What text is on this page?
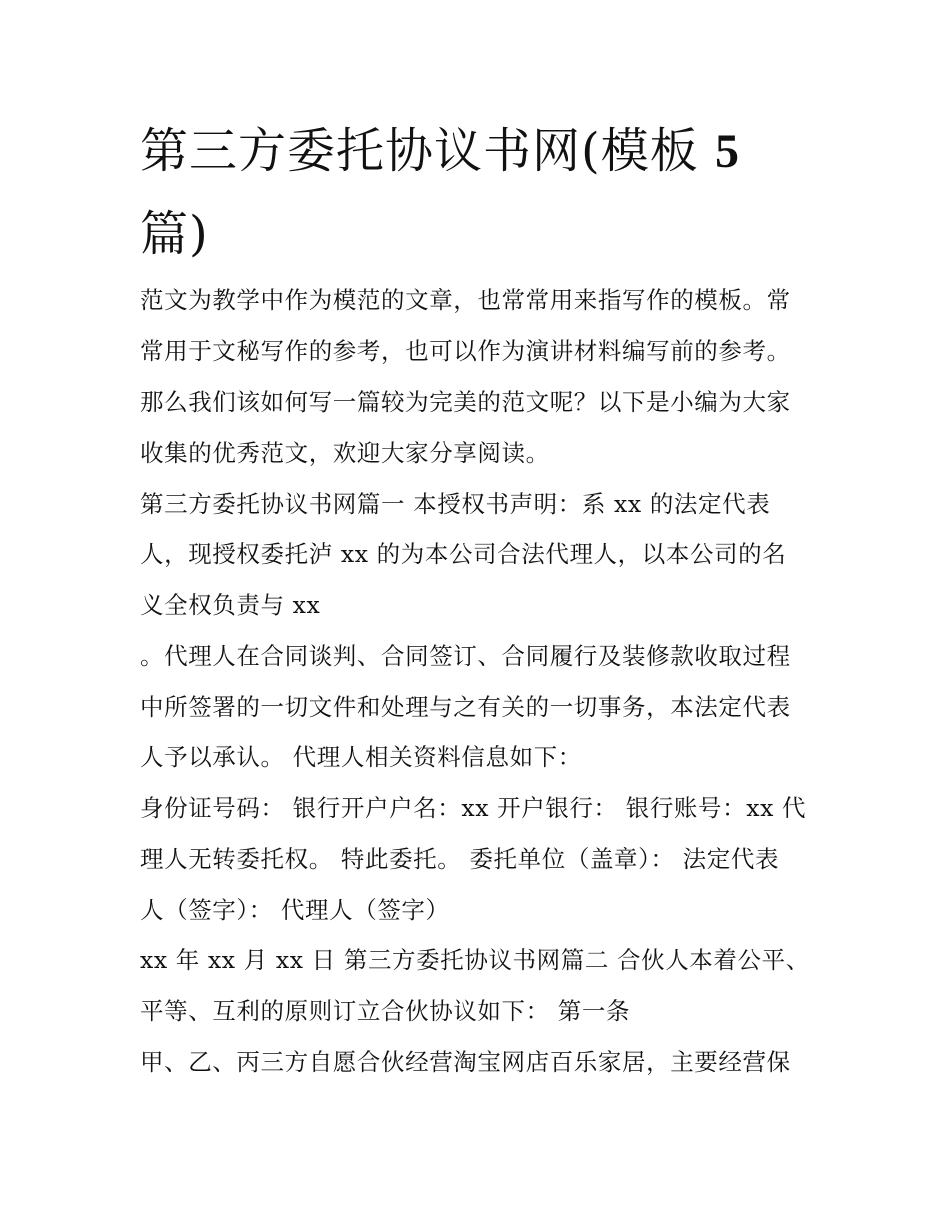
第三方委托协议书网(模板 5
篇)

范文为教学中作为模范的文章，也常常用来指写作的模板。常

常用于文秘写作的参考，也可以作为演讲材料编写前的参考。

那么我们该如何写一篇较为完美的范文呢？以下是小编为大家

收集的优秀范文，欢迎大家分享阅读。

第三方委托协议书网篇一 本授权书声明：系 xx 的法定代表

人，现授权委托泸 xx 的为本公司合法代理人，以本公司的名

义全权负责与 xx

。代理人在合同谈判、合同签订、合同履行及装修款收取过程

中所签署的一切文件和处理与之有关的一切事务，本法定代表

人予以承认。 代理人相关资料信息如下：

身份证号码： 银行开户户名：xx 开户银行： 银行账号：xx 代

理人无转委托权。 特此委托。 委托单位（盖章）： 法定代表

人（签字）： 代理人（签字）

xx 年 xx 月 xx 日 第三方委托协议书网篇二 合伙人本着公平、

平等、互利的原则订立合伙协议如下： 第一条

甲、乙、丙三方自愿合伙经营淘宝网店百乐家居，主要经营保
